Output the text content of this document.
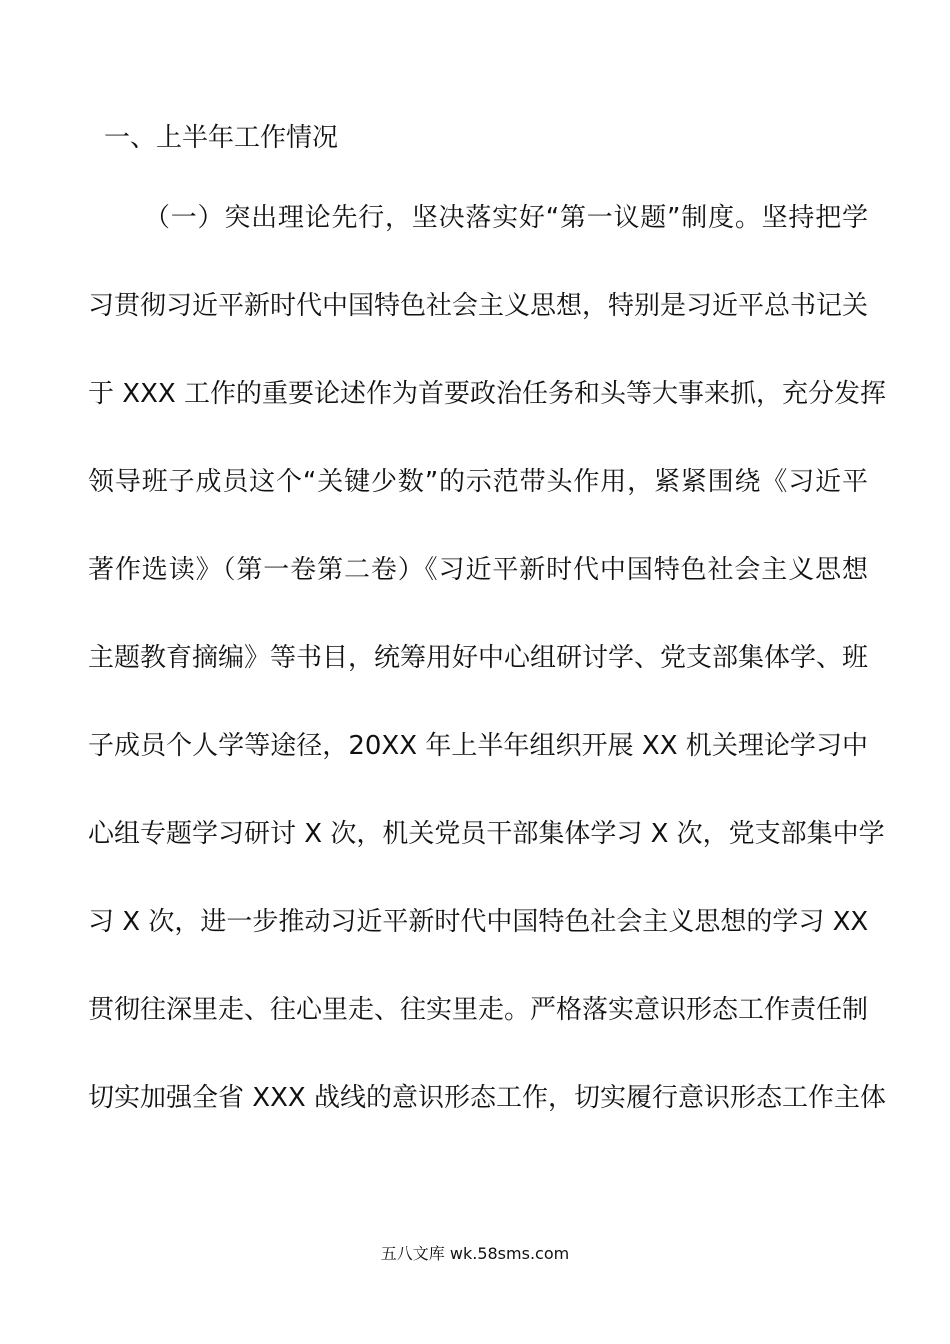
一、上半年工作情况
（一）突出理论先行，坚决落实好“第一议题”制度。坚持把学
习贯彻习近平新时代中国特色社会主义思想，特别是习近平总书记关
于 XXX 工作的重要论述作为首要政治任务和头等大事来抓，充分发挥
领导班子成员这个“关键少数”的示范带头作用，紧紧围绕《习近平
著作选读》（第一卷第二卷）《习近平新时代中国特色社会主义思想
主题教育摘编》等书目，统筹用好中心组研讨学、党支部集体学、班
子成员个人学等途径，20XX 年上半年组织开展 XX 机关理论学习中
心组专题学习研讨 X 次，机关党员干部集体学习 X 次，党支部集中学
习 X 次，进一步推动习近平新时代中国特色社会主义思想的学习 XX
贯彻往深里走、往心里走、往实里走。严格落实意识形态工作责任制
切实加强全省 XXX 战线的意识形态工作，切实履行意识形态工作主体
五八文库 wk.58sms.com
